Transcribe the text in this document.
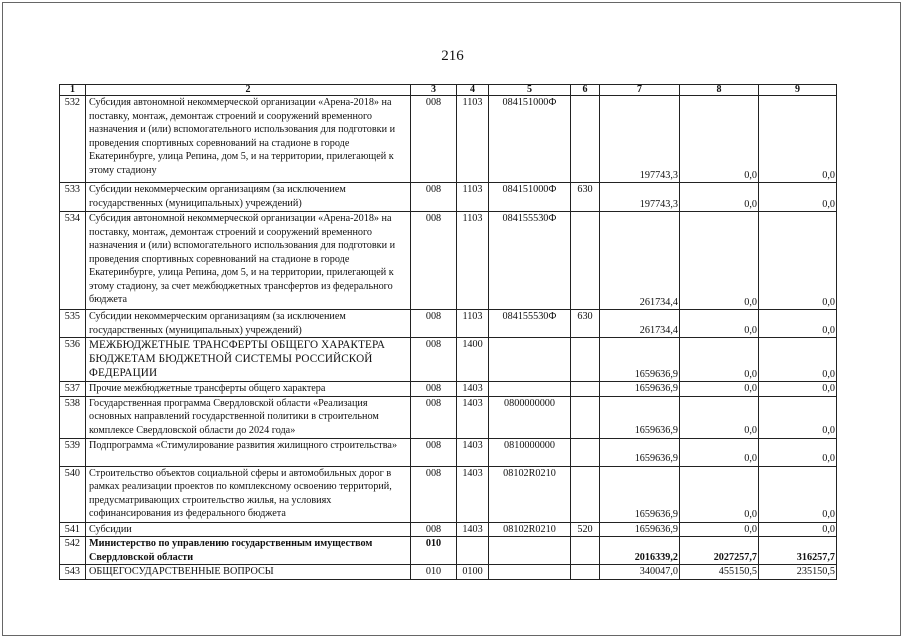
216
1	2	3	4	5	6	7	8	9
532	Субсидия автономной некоммерческой организации «Арена-2018» на поставку, монтаж, демонтаж строений и сооружений временного назначения и (или) вспомогательного использования для подготовки и проведения спортивных соревнований на стадионе в городе Екатеринбурге, улица Репина, дом 5, и на территории, прилегающей к этому стадиону	008	1103	084151000Ф		197743,3	0,0	0,0
533	Субсидии некоммерческим организациям (за исключением государственных (муниципальных) учреждений)	008	1103	084151000Ф	630	197743,3	0,0	0,0
534	Субсидия автономной некоммерческой организации «Арена-2018» на поставку, монтаж, демонтаж строений и сооружений временного назначения и (или) вспомогательного использования для подготовки и проведения спортивных соревнований на стадионе в городе Екатеринбурге, улица Репина, дом 5, и на территории, прилегающей к этому стадиону, за счет межбюджетных трансфертов из федерального бюджета	008	1103	084155530Ф		261734,4	0,0	0,0
535	Субсидии некоммерческим организациям (за исключением государственных (муниципальных) учреждений)	008	1103	084155530Ф	630	261734,4	0,0	0,0
536	МЕЖБЮДЖЕТНЫЕ ТРАНСФЕРТЫ ОБЩЕГО ХАРАКТЕРА БЮДЖЕТАМ БЮДЖЕТНОЙ СИСТЕМЫ РОССИЙСКОЙ ФЕДЕРАЦИИ	008	1400			1659636,9	0,0	0,0
537	Прочие межбюджетные трансферты общего характера	008	1403			1659636,9	0,0	0,0
538	Государственная программа Свердловской области «Реализация основных направлений государственной политики в строительном комплексе Свердловской области до 2024 года»	008	1403	0800000000		1659636,9	0,0	0,0
539	Подпрограмма «Стимулирование развития жилищного строительства»	008	1403	0810000000		1659636,9	0,0	0,0
540	Строительство объектов социальной сферы и автомобильных дорог в рамках реализации проектов по комплексному освоению территорий, предусматривающих строительство жилья, на условиях софинансирования из федерального бюджета	008	1403	08102R0210		1659636,9	0,0	0,0
541	Субсидии	008	1403	08102R0210	520	1659636,9	0,0	0,0
542	Министерство по управлению государственным имуществом Свердловской области	010				2016339,2	2027257,7	316257,7
543	ОБЩЕГОСУДАРСТВЕННЫЕ ВОПРОСЫ	010	0100			340047,0	455150,5	235150,5
